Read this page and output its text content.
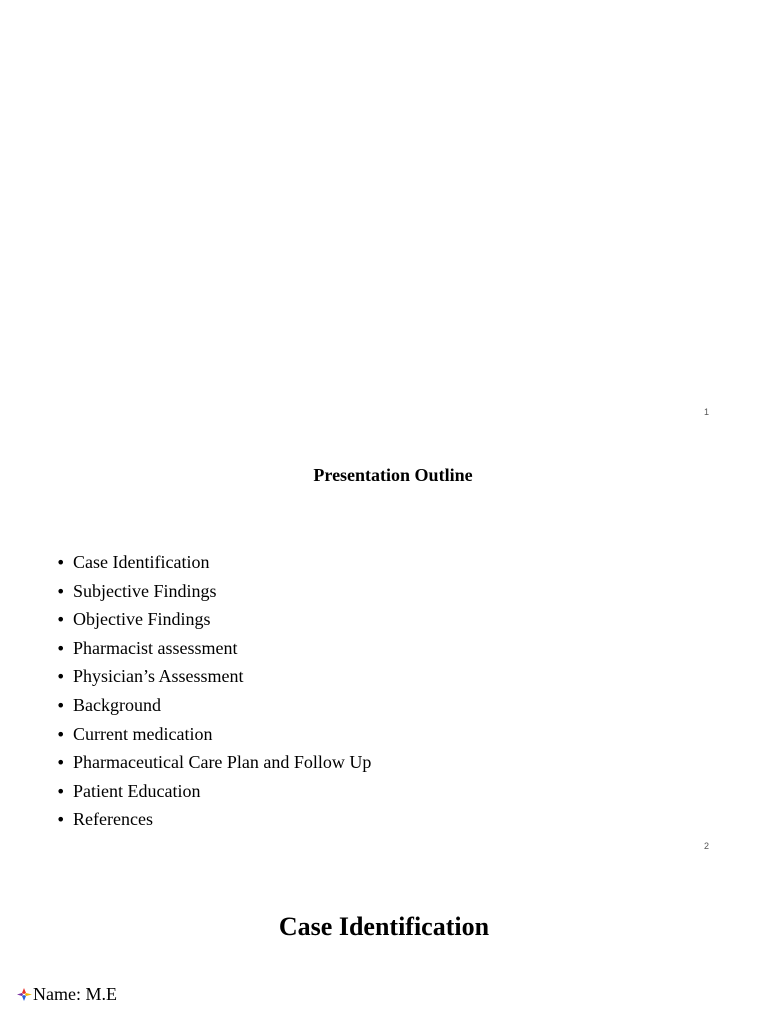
1
Presentation Outline
• Case Identification
• Subjective Findings
• Objective Findings
• Pharmacist assessment
• Physician’s Assessment
• Background
• Current medication
• Pharmaceutical Care Plan and Follow Up
• Patient Education
• References
2
Case Identification
Name: M.E
